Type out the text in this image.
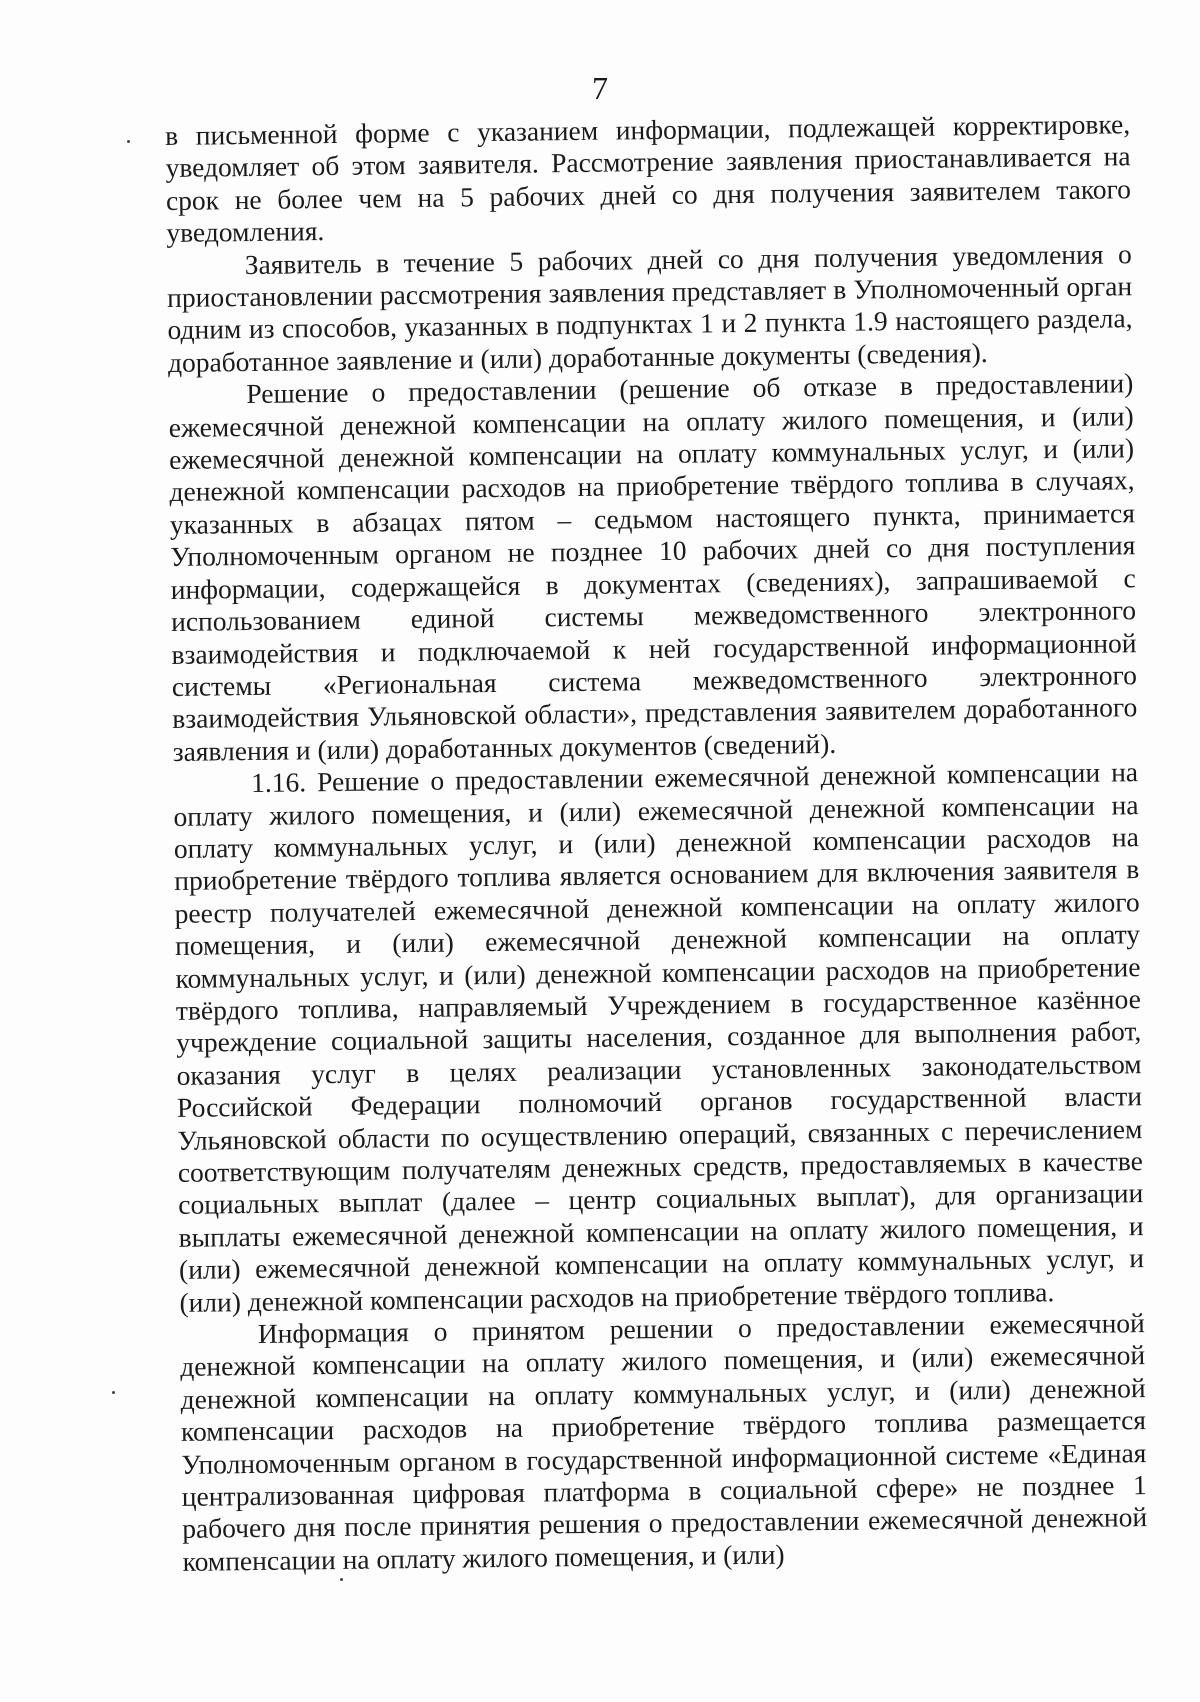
7

в письменной форме с указанием информации, подлежащей корректировке, уведомляет об этом заявителя. Рассмотрение заявления приостанавливается на срок не более чем на 5 рабочих дней со дня получения заявителем такого уведомления.

Заявитель в течение 5 рабочих дней со дня получения уведомления о приостановлении рассмотрения заявления представляет в Уполномоченный орган одним из способов, указанных в подпунктах 1 и 2 пункта 1.9 настоящего раздела, доработанное заявление и (или) доработанные документы (сведения).

Решение о предоставлении (решение об отказе в предоставлении) ежемесячной денежной компенсации на оплату жилого помещения, и (или) ежемесячной денежной компенсации на оплату коммунальных услуг, и (или) денежной компенсации расходов на приобретение твёрдого топлива в случаях, указанных в абзацах пятом – седьмом настоящего пункта, принимается Уполномоченным органом не позднее 10 рабочих дней со дня поступления информации, содержащейся в документах (сведениях), запрашиваемой с использованием единой системы межведомственного электронного взаимодействия и подключаемой к ней государственной информационной системы «Региональная система межведомственного электронного взаимодействия Ульяновской области», представления заявителем доработанного заявления и (или) доработанных документов (сведений).

1.16. Решение о предоставлении ежемесячной денежной компенсации на оплату жилого помещения, и (или) ежемесячной денежной компенсации на оплату коммунальных услуг, и (или) денежной компенсации расходов на приобретение твёрдого топлива является основанием для включения заявителя в реестр получателей ежемесячной денежной компенсации на оплату жилого помещения, и (или) ежемесячной денежной компенсации на оплату коммунальных услуг, и (или) денежной компенсации расходов на приобретение твёрдого топлива, направляемый Учреждением в государственное казённое учреждение социальной защиты населения, созданное для выполнения работ, оказания услуг в целях реализации установленных законодательством Российской Федерации полномочий органов государственной власти Ульяновской области по осуществлению операций, связанных с перечислением соответствующим получателям денежных средств, предоставляемых в качестве социальных выплат (далее – центр социальных выплат), для организации выплаты ежемесячной денежной компенсации на оплату жилого помещения, и (или) ежемесячной денежной компенсации на оплату коммунальных услуг, и (или) денежной компенсации расходов на приобретение твёрдого топлива.

Информация о принятом решении о предоставлении ежемесячной денежной компенсации на оплату жилого помещения, и (или) ежемесячной денежной компенсации на оплату коммунальных услуг, и (или) денежной компенсации расходов на приобретение твёрдого топлива размещается Уполномоченным органом в государственной информационной системе «Единая централизованная цифровая платформа в социальной сфере» не позднее 1 рабочего дня после принятия решения о предоставлении ежемесячной денежной компенсации на оплату жилого помещения, и (или)
